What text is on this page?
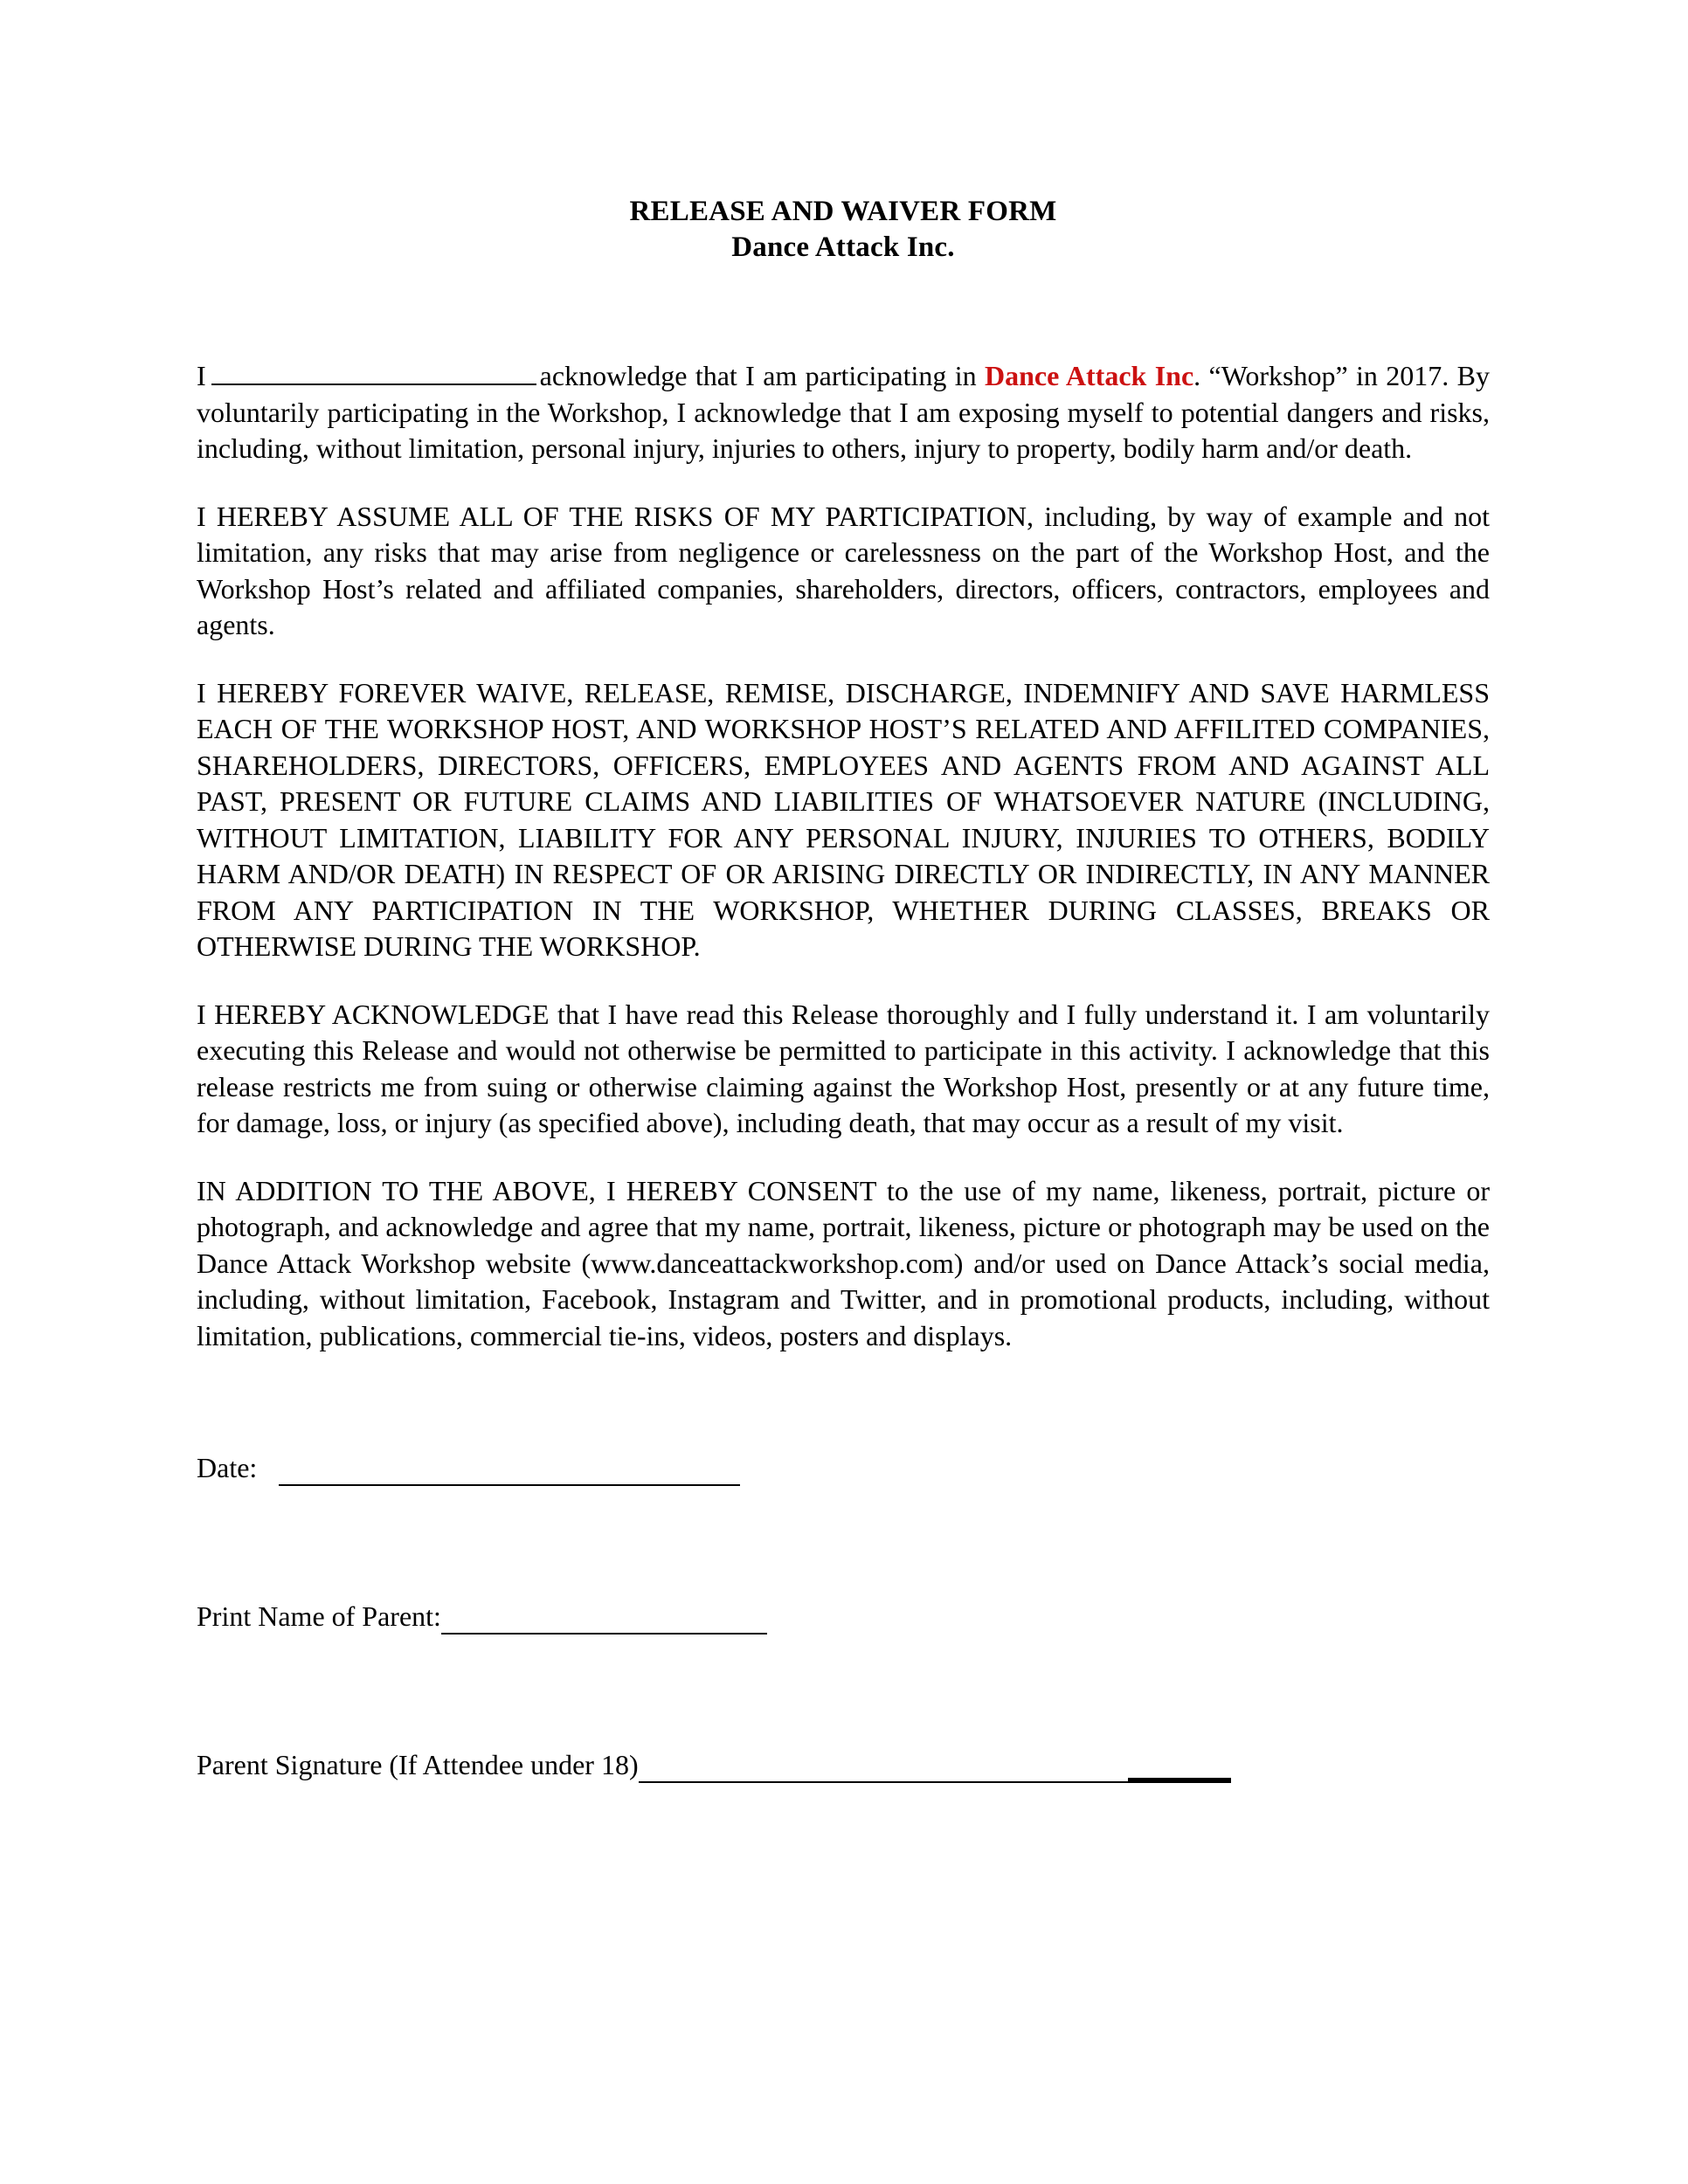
RELEASE AND WAIVER FORM
Dance Attack Inc.

I	acknowledge that I am participating in Dance Attack Inc. “Workshop” in 2017. By voluntarily participating in the Workshop, I acknowledge that I am exposing myself to potential dangers and risks, including, without limitation, personal injury, injuries to others, injury to property, bodily harm and/or death.

I HEREBY ASSUME ALL OF THE RISKS OF MY PARTICIPATION, including, by way of example and not limitation, any risks that may arise from negligence or carelessness on the part of the Workshop Host, and the Workshop Host’s related and affiliated companies, shareholders, directors, officers, contractors, employees and agents.

I HEREBY FOREVER WAIVE, RELEASE, REMISE, DISCHARGE, INDEMNIFY AND SAVE HARMLESS EACH OF THE WORKSHOP HOST, AND WORKSHOP HOST’S RELATED AND AFFILITED COMPANIES, SHAREHOLDERS, DIRECTORS, OFFICERS, EMPLOYEES AND AGENTS FROM AND AGAINST ALL PAST, PRESENT OR FUTURE CLAIMS AND LIABILITIES OF WHATSOEVER NATURE (INCLUDING, WITHOUT LIMITATION, LIABILITY FOR ANY PERSONAL INJURY, INJURIES TO OTHERS, BODILY HARM AND/OR DEATH) IN RESPECT OF OR ARISING DIRECTLY OR INDIRECTLY, IN ANY MANNER FROM ANY PARTICIPATION IN THE WORKSHOP, WHETHER DURING CLASSES, BREAKS OR OTHERWISE DURING THE WORKSHOP.

I HEREBY ACKNOWLEDGE that I have read this Release thoroughly and I fully understand it. I am voluntarily executing this Release and would not otherwise be permitted to participate in this activity. I acknowledge that this release restricts me from suing or otherwise claiming against the Workshop Host, presently or at any future time, for damage, loss, or injury (as specified above), including death, that may occur as a result of my visit.

IN ADDITION TO THE ABOVE, I HEREBY CONSENT to the use of my name, likeness, portrait, picture or photograph, and acknowledge and agree that my name, portrait, likeness, picture or photograph may be used on the Dance Attack Workshop website (www.danceattackworkshop.com) and/or used on Dance Attack’s social media, including, without limitation, Facebook, Instagram and Twitter, and in promotional products, including, without limitation, publications, commercial tie-ins, videos, posters and displays.

Date:
Print Name of Parent:
Parent Signature (If Attendee under 18)
